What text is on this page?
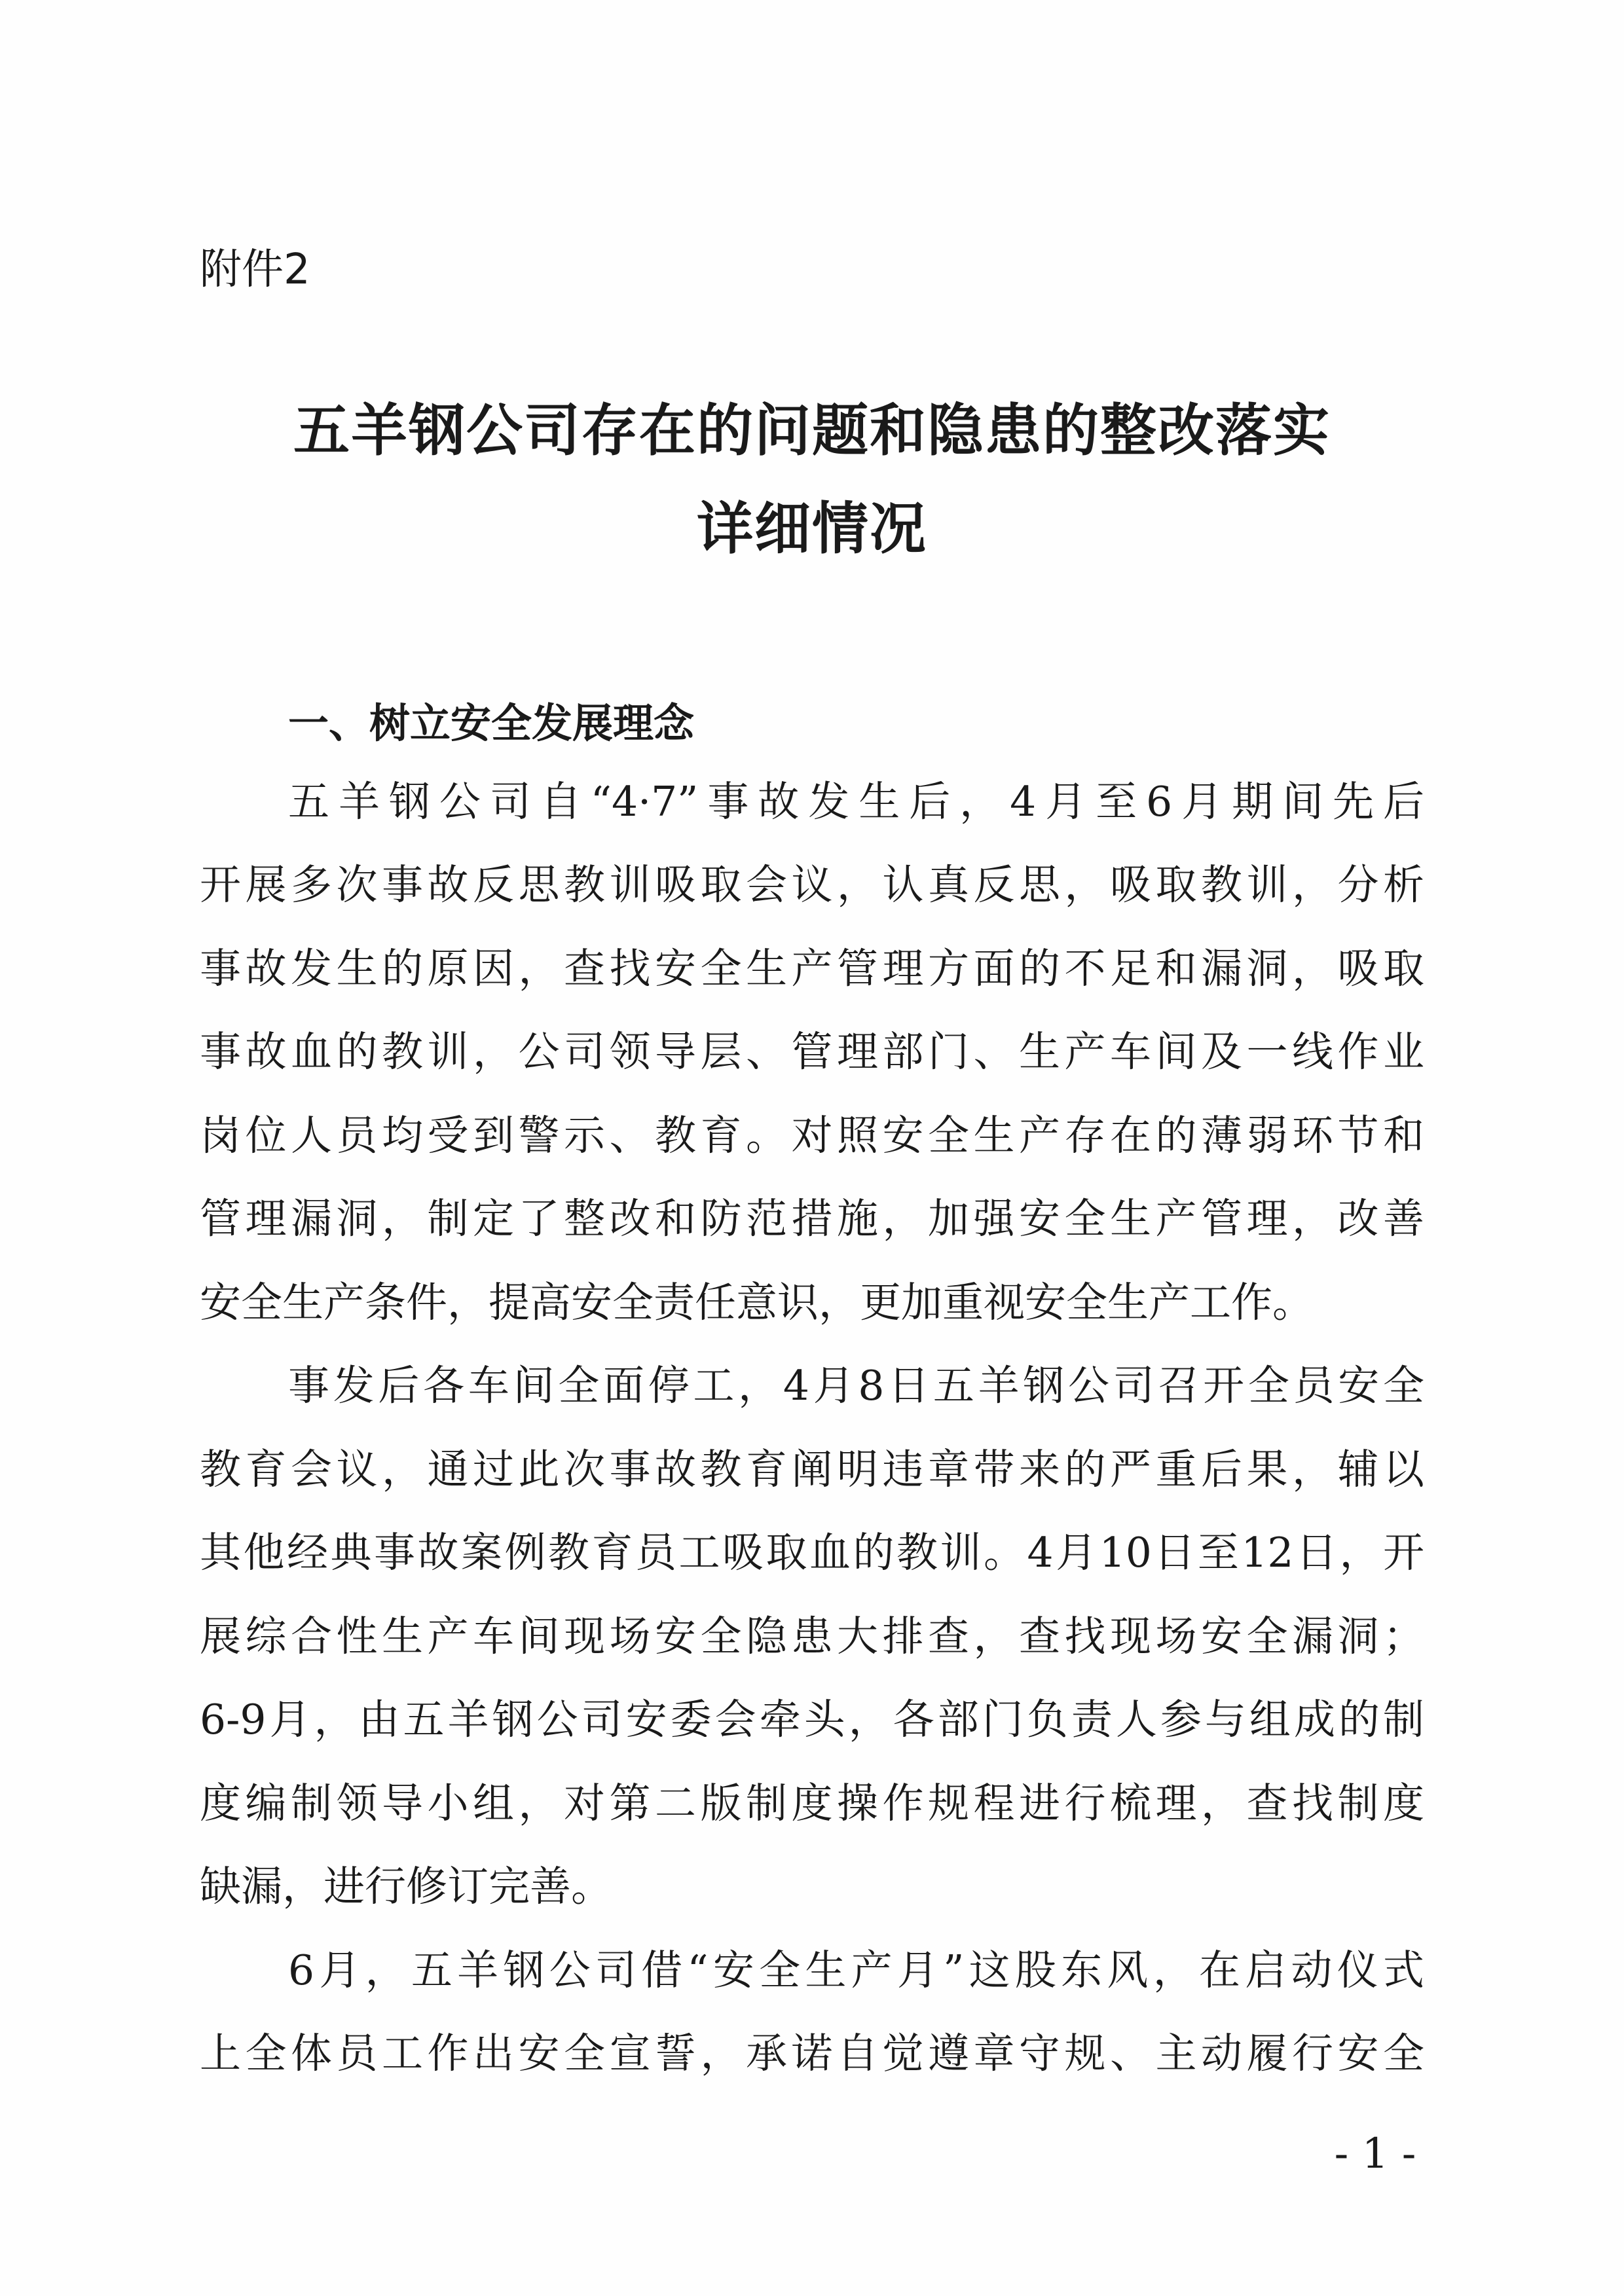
附件2
五羊钢公司存在的问题和隐患的整改落实
详细情况
一、树立安全发展理念
五羊钢公司自“4·7”事故发生后，4月至6月期间先后
开展多次事故反思教训吸取会议，认真反思，吸取教训，分析
事故发生的原因，查找安全生产管理方面的不足和漏洞，吸取
事故血的教训，公司领导层、管理部门、生产车间及一线作业
岗位人员均受到警示、教育。对照安全生产存在的薄弱环节和
管理漏洞，制定了整改和防范措施，加强安全生产管理，改善
安全生产条件，提高安全责任意识，更加重视安全生产工作。
事发后各车间全面停工，4月8日五羊钢公司召开全员安全
教育会议，通过此次事故教育阐明违章带来的严重后果，辅以
其他经典事故案例教育员工吸取血的教训。4月10日至12日，开
展综合性生产车间现场安全隐患大排查，查找现场安全漏洞；
6-9月，由五羊钢公司安委会牵头，各部门负责人参与组成的制
度编制领导小组，对第二版制度操作规程进行梳理，查找制度
缺漏，进行修订完善。
6月，五羊钢公司借“安全生产月”这股东风，在启动仪式
上全体员工作出安全宣誓，承诺自觉遵章守规、主动履行安全
- 1 -
